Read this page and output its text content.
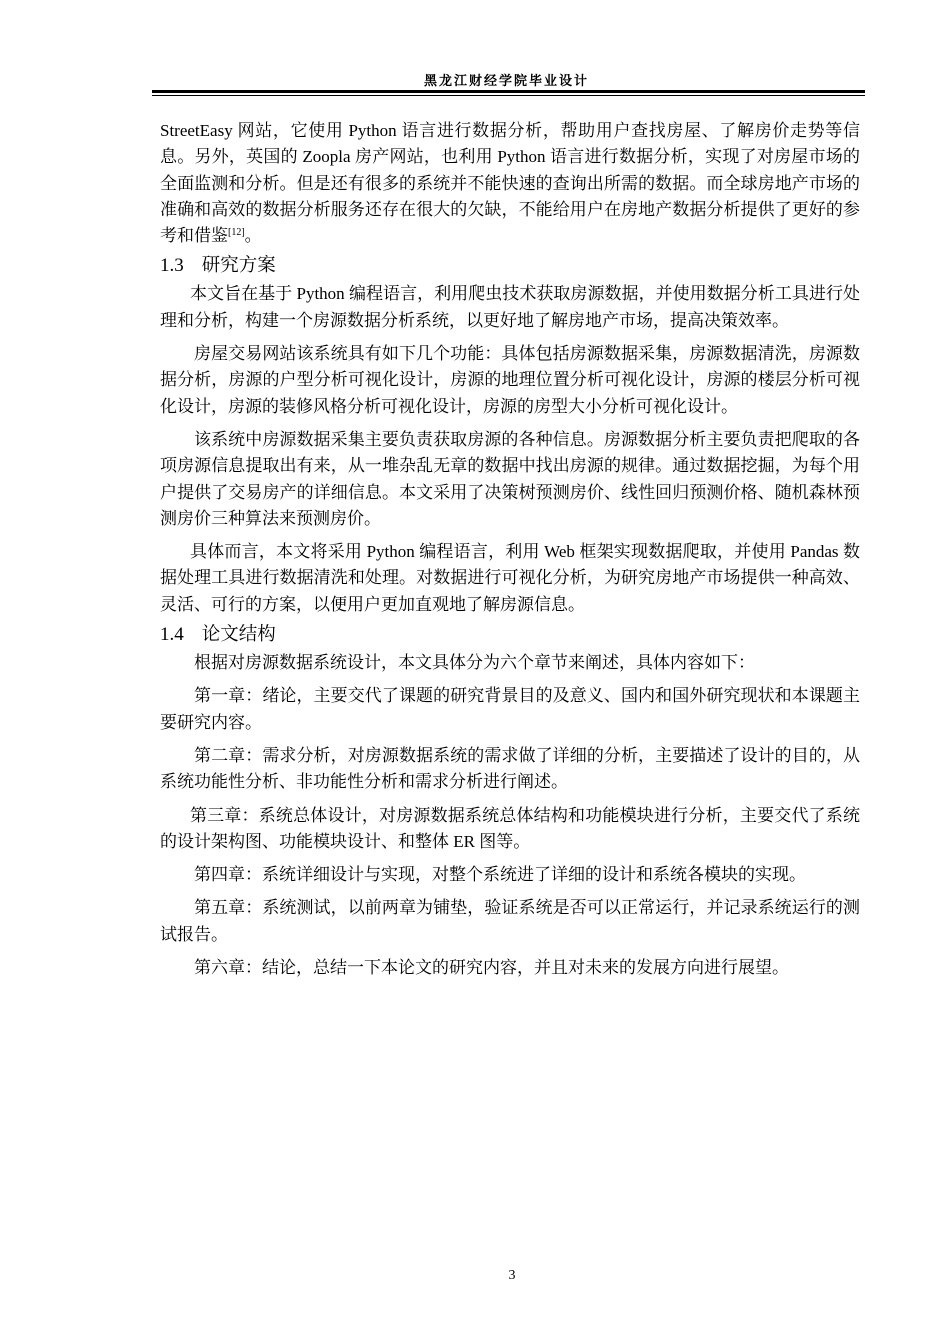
黑龙江财经学院毕业设计

StreetEasy 网站，它使用 Python 语言进行数据分析，帮助用户查找房屋、了解房价走势等信息。另外，英国的 Zoopla 房产网站，也利用 Python 语言进行数据分析，实现了对房屋市场的全面监测和分析。但是还有很多的系统并不能快速的查询出所需的数据。而全球房地产市场的准确和高效的数据分析服务还存在很大的欠缺，不能给用户在房地产数据分析提供了更好的参考和借鉴[12]。

1.3 研究方案

本文旨在基于 Python 编程语言，利用爬虫技术获取房源数据，并使用数据分析工具进行处理和分析，构建一个房源数据分析系统，以更好地了解房地产市场，提高决策效率。

房屋交易网站该系统具有如下几个功能：具体包括房源数据采集，房源数据清洗，房源数据分析，房源的户型分析可视化设计，房源的地理位置分析可视化设计，房源的楼层分析可视化设计，房源的装修风格分析可视化设计，房源的房型大小分析可视化设计。

该系统中房源数据采集主要负责获取房源的各种信息。房源数据分析主要负责把爬取的各项房源信息提取出有来，从一堆杂乱无章的数据中找出房源的规律。通过数据挖掘，为每个用户提供了交易房产的详细信息。本文采用了决策树预测房价、线性回归预测价格、随机森林预测房价三种算法来预测房价。

具体而言，本文将采用 Python 编程语言，利用 Web 框架实现数据爬取，并使用 Pandas 数据处理工具进行数据清洗和处理。对数据进行可视化分析，为研究房地产市场提供一种高效、灵活、可行的方案，以便用户更加直观地了解房源信息。

1.4 论文结构

根据对房源数据系统设计，本文具体分为六个章节来阐述，具体内容如下：

第一章：绪论，主要交代了课题的研究背景目的及意义、国内和国外研究现状和本课题主要研究内容。

第二章：需求分析，对房源数据系统的需求做了详细的分析，主要描述了设计的目的，从系统功能性分析、非功能性分析和需求分析进行阐述。

第三章：系统总体设计，对房源数据系统总体结构和功能模块进行分析，主要交代了系统的设计架构图、功能模块设计、和整体 ER 图等。

第四章：系统详细设计与实现，对整个系统进了详细的设计和系统各模块的实现。

第五章：系统测试，以前两章为铺垫，验证系统是否可以正常运行，并记录系统运行的测试报告。

第六章：结论，总结一下本论文的研究内容，并且对未来的发展方向进行展望。

3
